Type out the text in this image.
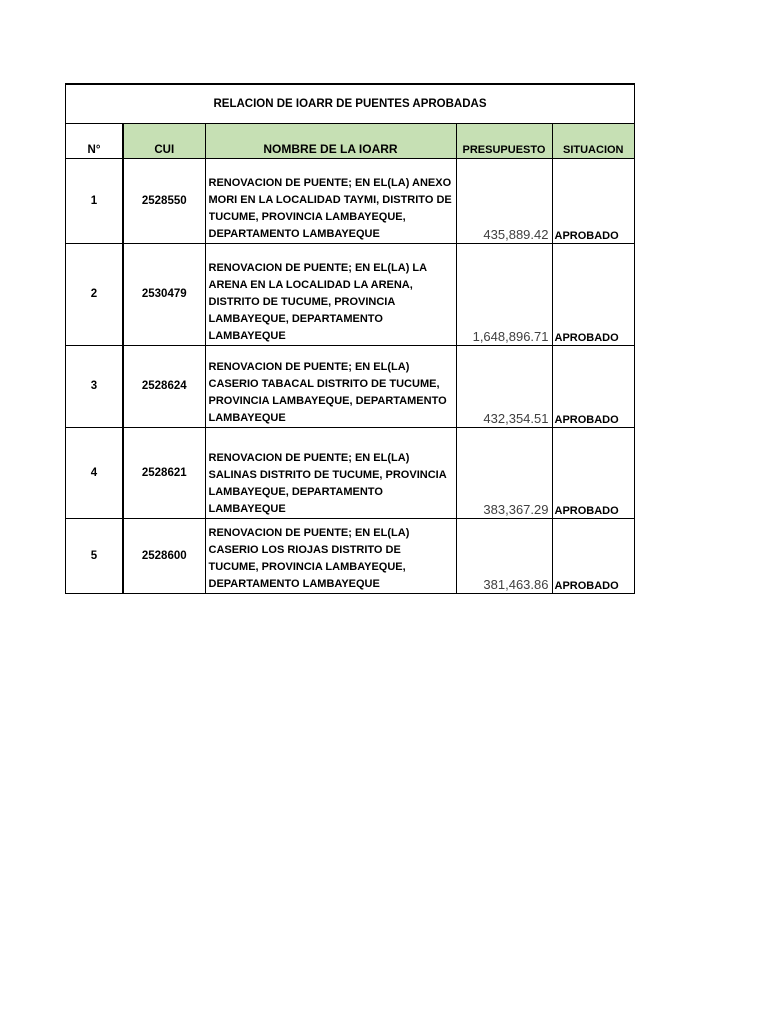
RELACION DE IOARR DE PUENTES APROBADAS
N°	CUI	NOMBRE DE LA IOARR	PRESUPUESTO	SITUACION
1	2528550	RENOVACION DE PUENTE; EN EL(LA) ANEXO MORI EN LA LOCALIDAD TAYMI, DISTRITO DE TUCUME, PROVINCIA LAMBAYEQUE, DEPARTAMENTO LAMBAYEQUE	435,889.42	APROBADO
2	2530479	RENOVACION DE PUENTE; EN EL(LA) LA ARENA EN LA LOCALIDAD LA ARENA, DISTRITO DE TUCUME, PROVINCIA LAMBAYEQUE, DEPARTAMENTO LAMBAYEQUE	1,648,896.71	APROBADO
3	2528624	RENOVACION DE PUENTE; EN EL(LA) CASERIO TABACAL DISTRITO DE TUCUME, PROVINCIA LAMBAYEQUE, DEPARTAMENTO LAMBAYEQUE	432,354.51	APROBADO
4	2528621	RENOVACION DE PUENTE; EN EL(LA) SALINAS DISTRITO DE TUCUME, PROVINCIA LAMBAYEQUE, DEPARTAMENTO LAMBAYEQUE	383,367.29	APROBADO
5	2528600	RENOVACION DE PUENTE; EN EL(LA) CASERIO LOS RIOJAS DISTRITO DE TUCUME, PROVINCIA LAMBAYEQUE, DEPARTAMENTO LAMBAYEQUE	381,463.86	APROBADO
